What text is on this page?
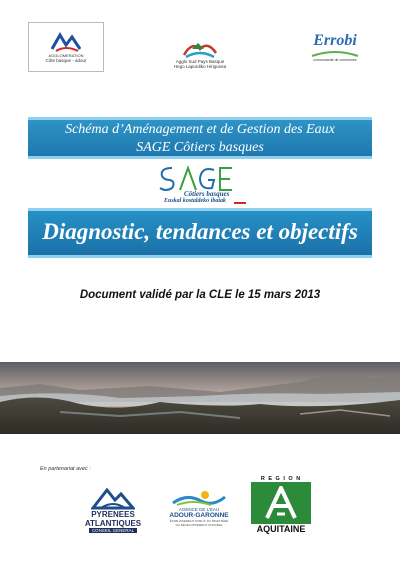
AGGLOMERATION
Côte basque - adour	Agglo Sud Pays Basque
Hego Lapurdiko Hirigunea
Errobi
communauté de communes
Schéma d’Aménagement et de Gestion des Eaux
SAGE Côtiers basques
Côtiers basques
Euskal kostaldeko ibaiak
Diagnostic, tendances et objectifs
Document validé par la CLE le 15 mars 2013
En partenariat avec :
PYRENEES
ATLANTIQUES
CONSEIL GENERAL
AGENCE DE L'EAU
ADOUR-GARONNE
ÉTABLISSEMENT PUBLIC DU MINISTÈRE
DU DÉVELOPPEMENT DURABLE
R E G I O N
AQUITAINE
